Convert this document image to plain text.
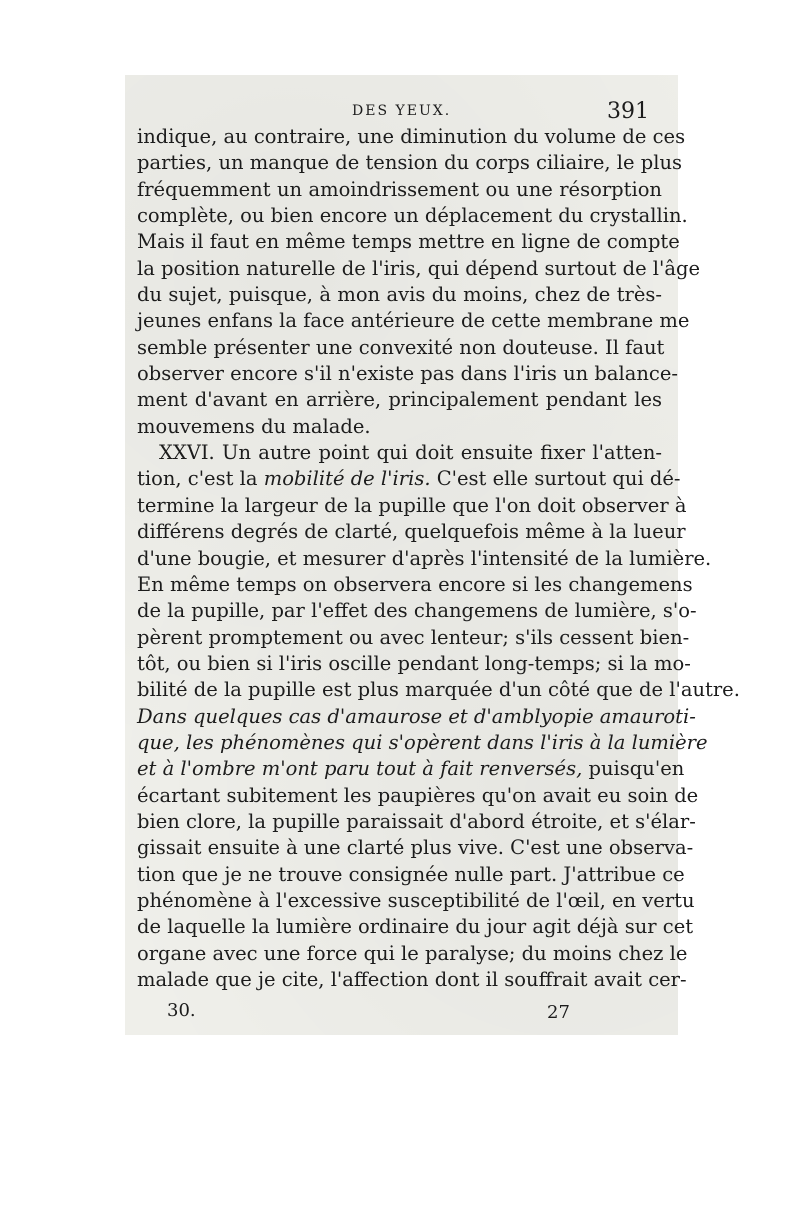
DES YEUX.	391
indique, au contraire, une diminution du volume de ces
parties, un manque de tension du corps ciliaire, le plus
fréquemment un amoindrissement ou une résorption
complète, ou bien encore un déplacement du crystallin.
Mais il faut en même temps mettre en ligne de compte
la position naturelle de l'iris, qui dépend surtout de l'âge
du sujet, puisque, à mon avis du moins, chez de très-
jeunes enfans la face antérieure de cette membrane me
semble présenter une convexité non douteuse. Il faut
observer encore s'il n'existe pas dans l'iris un balance-
ment d'avant en arrière, principalement pendant les
mouvemens du malade.
XXVI. Un autre point qui doit ensuite fixer l'atten-
tion, c'est la mobilité de l'iris. C'est elle surtout qui dé-
termine la largeur de la pupille que l'on doit observer à
différens degrés de clarté, quelquefois même à la lueur
d'une bougie, et mesurer d'après l'intensité de la lumière.
En même temps on observera encore si les changemens
de la pupille, par l'effet des changemens de lumière, s'o-
pèrent promptement ou avec lenteur; s'ils cessent bien-
tôt, ou bien si l'iris oscille pendant long-temps; si la mo-
bilité de la pupille est plus marquée d'un côté que de l'autre.
Dans quelques cas d'amaurose et d'amblyopie amauroti-
que, les phénomènes qui s'opèrent dans l'iris à la lumière
et à l'ombre m'ont paru tout à fait renversés, puisqu'en
écartant subitement les paupières qu'on avait eu soin de
bien clore, la pupille paraissait d'abord étroite, et s'élar-
gissait ensuite à une clarté plus vive. C'est une observa-
tion que je ne trouve consignée nulle part. J'attribue ce
phénomène à l'excessive susceptibilité de l'œil, en vertu
de laquelle la lumière ordinaire du jour agit déjà sur cet
organe avec une force qui le paralyse; du moins chez le
malade que je cite, l'affection dont il souffrait avait cer-
30.	27
